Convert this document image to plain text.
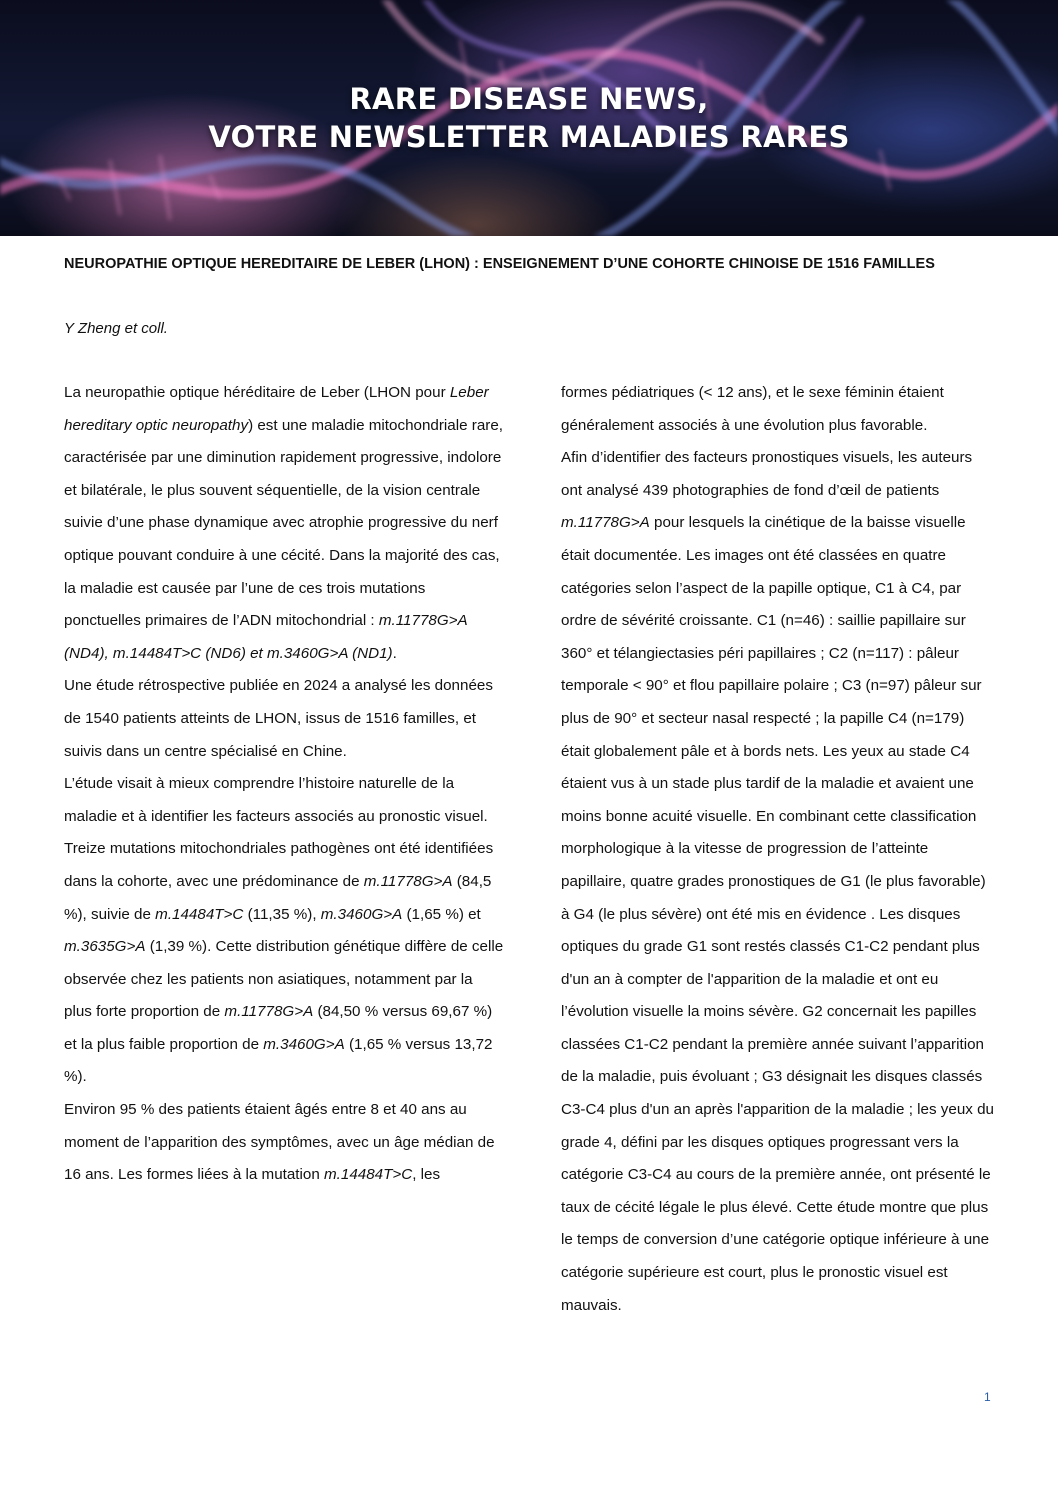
RARE DISEASE NEWS,
VOTRE NEWSLETTER MALADIES RARES
NEUROPATHIE OPTIQUE HEREDITAIRE DE LEBER (LHON) : ENSEIGNEMENT D’UNE COHORTE CHINOISE DE 1516 FAMILLES
Y Zheng et coll.

La neuropathie optique héréditaire de Leber (LHON pour Leber hereditary optic neuropathy) est une maladie mitochondriale rare, caractérisée par une diminution rapidement progressive, indolore et bilatérale, le plus souvent séquentielle, de la vision centrale suivie d’une phase dynamique avec atrophie progressive du nerf optique pouvant conduire à une cécité. Dans la majorité des cas, la maladie est causée par l’une de ces trois mutations ponctuelles primaires de l’ADN mitochondrial : m.11778G>A (ND4), m.14484T>C (ND6) et m.3460G>A (ND1).

Une étude rétrospective publiée en 2024 a analysé les données de 1540 patients atteints de LHON, issus de 1516 familles, et suivis dans un centre spécialisé en Chine.

L’étude visait à mieux comprendre l’histoire naturelle de la maladie et à identifier les facteurs associés au pronostic visuel.

Treize mutations mitochondriales pathogènes ont été identifiées dans la cohorte, avec une prédominance de m.11778G>A (84,5 %), suivie de m.14484T>C (11,35 %), m.3460G>A (1,65 %) et m.3635G>A (1,39 %). Cette distribution génétique diffère de celle observée chez les patients non asiatiques, notamment par la plus forte proportion de m.11778G>A (84,50 % versus 69,67 %) et la plus faible proportion de m.3460G>A (1,65 % versus 13,72 %).

Environ 95 % des patients étaient âgés entre 8 et 40 ans au moment de l’apparition des symptômes, avec un âge médian de 16 ans. Les formes liées à la mutation m.14484T>C, les

formes pédiatriques (< 12 ans), et le sexe féminin étaient généralement associés à une évolution plus favorable.

Afin d’identifier des facteurs pronostiques visuels, les auteurs ont analysé 439 photographies de fond d’œil de patients m.11778G>A pour lesquels la cinétique de la baisse visuelle était documentée. Les images ont été classées en quatre catégories selon l’aspect de la papille optique, C1 à C4, par ordre de sévérité croissante. C1 (n=46) : saillie papillaire sur 360° et télangiectasies péri papillaires ; C2 (n=117) : pâleur temporale < 90° et flou papillaire polaire ; C3 (n=97) pâleur sur plus de 90° et secteur nasal respecté ; la papille C4 (n=179) était globalement pâle et à bords nets. Les yeux au stade C4 étaient vus à un stade plus tardif de la maladie et avaient une moins bonne acuité visuelle. En combinant cette classification morphologique à la vitesse de progression de l’atteinte papillaire, quatre grades pronostiques de G1 (le plus favorable) à G4 (le plus sévère) ont été mis en évidence . Les disques optiques du grade G1 sont restés classés C1-C2 pendant plus d'un an à compter de l'apparition de la maladie et ont eu l’évolution visuelle la moins sévère. G2 concernait les papilles classées C1-C2 pendant la première année suivant l’apparition de la maladie, puis évoluant ; G3 désignait les disques classés C3-C4 plus d'un an après l'apparition de la maladie ; les yeux du grade 4, défini par les disques optiques progressant vers la catégorie C3-C4 au cours de la première année, ont présenté le taux de cécité légale le plus élevé. Cette étude montre que plus le temps de conversion d’une catégorie optique inférieure à une catégorie supérieure est court, plus le pronostic visuel est mauvais.

1
